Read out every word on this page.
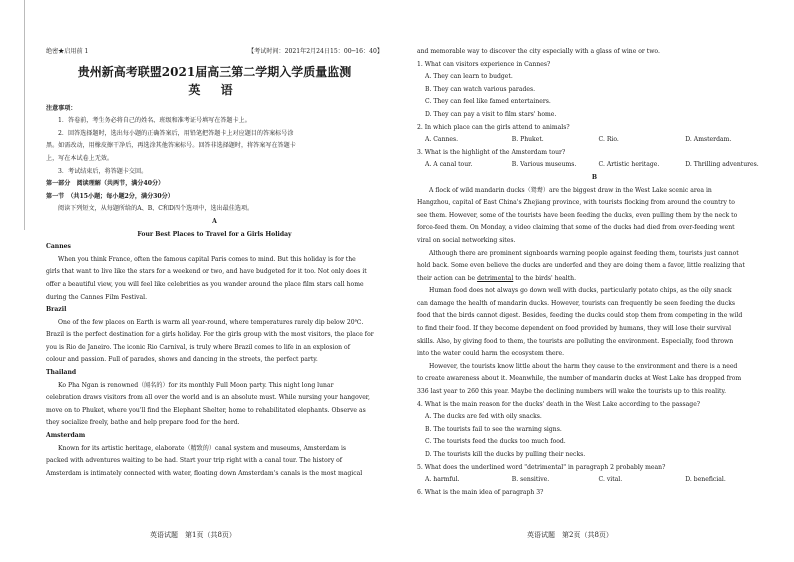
绝密★启用前 1	【考试时间：2021年2月24日15：00─16：40】
贵州新高考联盟2021届高三第二学期入学质量监测
英 语
注意事项：
1．答卷前，考生务必将自己的姓名、班级和准考证号填写在答题卡上。
2．回答选择题时，选出每小题的正确答案后，用铅笔把答题卡上对应题目的答案标号涂
黑。如需改动，用橡皮擦干净后，再选涂其他答案标号。回答非选择题时，将答案写在答题卡
上，写在本试卷上无效。
3．考试结束后，将答题卡交回。
第一部分　阅读理解（共两节，满分40分）
第一节　（共15小题；每小题2分，满分30分）
阅读下列短文，从每题所给的A、B、C和D四个选项中，选出最佳选项。
A
Four Best Places to Travel for a Girls Holiday
Cannes
When you think France, often the famous capital Paris comes to mind. But this holiday is for the
girls that want to live like the stars for a weekend or two, and have budgeted for it too. Not only does it
offer a beautiful view, you will feel like celebrities as you wander around the place film stars call home
during the Cannes Film Festival.
Brazil
One of the few places on Earth is warm all year-round, where temperatures rarely dip below 20℃.
Brazil is the perfect destination for a girls holiday. For the girls group with the most visitors, the place for
you is Rio de Janeiro. The iconic Rio Carnival, is truly where Brazil comes to life in an explosion of
colour and passion. Full of parades, shows and dancing in the streets, the perfect party.
Thailand
Ko Pha Ngan is renowned（闻名的）for its monthly Full Moon party. This night long lunar
celebration draws visitors from all over the world and is an absolute must. While nursing your hangover,
move on to Phuket, where you'll find the Elephant Shelter, home to rehabilitated elephants. Observe as
they socialize freely, bathe and help prepare food for the herd.
Amsterdam
Known for its artistic heritage, elaborate（精致的）canal system and museums, Amsterdam is
packed with adventures waiting to be had. Start your trip right with a canal tour. The history of
Amsterdam is intimately connected with water, floating down Amsterdam's canals is the most magical
英语试题　第1页（共8页）
and memorable way to discover the city especially with a glass of wine or two.
1. What can visitors experience in Cannes?
A. They can learn to budget.
B. They can watch various parades.
C. They can feel like famed entertainers.
D. They can pay a visit to film stars' home.
2. In which place can the girls attend to animals?
A. Cannes.	B. Phuket.	C. Rio.	D. Amsterdam.
3. What is the highlight of the Amsterdam tour?
A. A canal tour.	B. Various museums.	C. Artistic heritage.	D. Thrilling adventures.
B
A flock of wild mandarin ducks（鸳鸯）are the biggest draw in the West Lake scenic area in
Hangzhou, capital of East China's Zhejiang province, with tourists flocking from around the country to
see them. However, some of the tourists have been feeding the ducks, even pulling them by the neck to
force-feed them. On Monday, a video claiming that some of the ducks had died from over-feeding went
viral on social networking sites.
Although there are prominent signboards warning people against feeding them, tourists just cannot
hold back. Some even believe the ducks are underfed and they are doing them a favor, little realizing that
their action can be detrimental to the birds' health.
Human food does not always go down well with ducks, particularly potato chips, as the oily snack
can damage the health of mandarin ducks. However, tourists can frequently be seen feeding the ducks
food that the birds cannot digest. Besides, feeding the ducks could stop them from competing in the wild
to find their food. If they become dependent on food provided by humans, they will lose their survival
skills. Also, by giving food to them, the tourists are polluting the environment. Especially, food thrown
into the water could harm the ecosystem there.
However, the tourists know little about the harm they cause to the environment and there is a need
to create awareness about it. Meanwhile, the number of mandarin ducks at West Lake has dropped from
336 last year to 260 this year. Maybe the declining numbers will wake the tourists up to this reality.
4. What is the main reason for the ducks' death in the West Lake according to the passage?
A. The ducks are fed with oily snacks.
B. The tourists fail to see the warning signs.
C. The tourists feed the ducks too much food.
D. The tourists kill the ducks by pulling their necks.
5. What does the underlined word "detrimental" in paragraph 2 probably mean?
A. harmful.	B. sensitive.	C. vital.	D. beneficial.
6. What is the main idea of paragraph 3?
英语试题　第2页（共8页）
